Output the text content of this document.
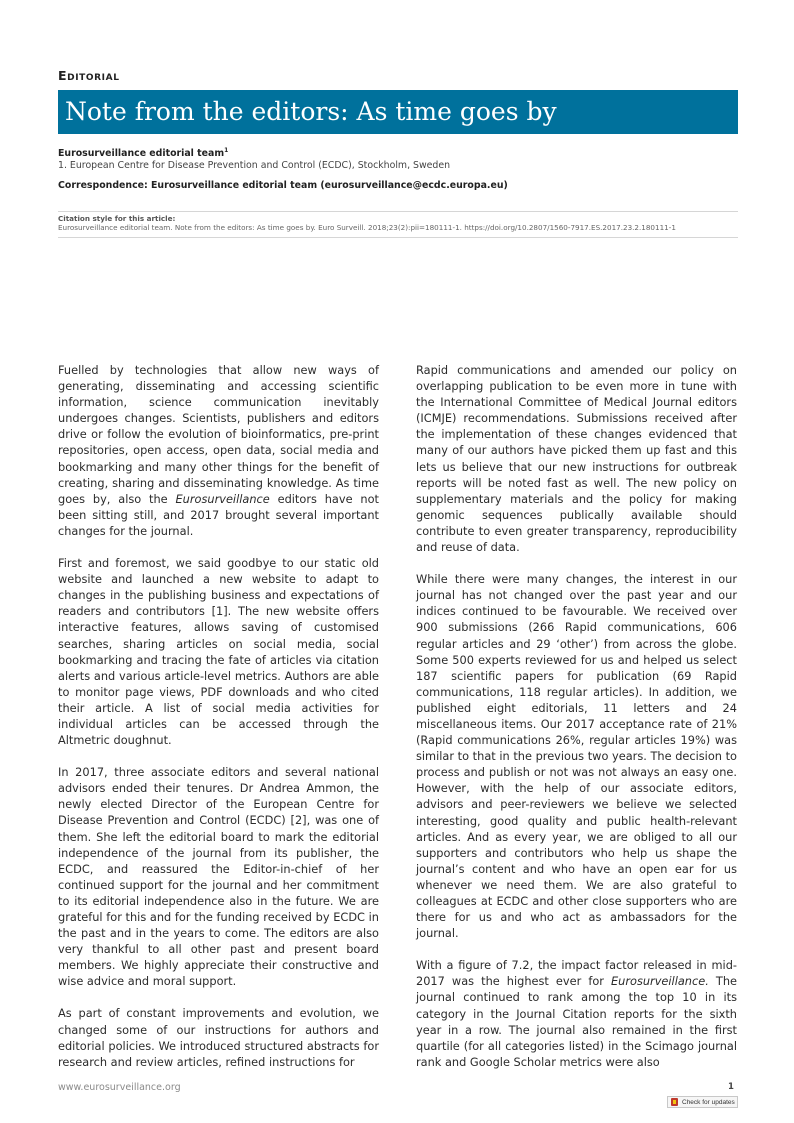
Editorial
Note from the editors: As time goes by
Eurosurveillance editorial team$^1$
1. European Centre for Disease Prevention and Control (ECDC), Stockholm, Sweden
Correspondence: Eurosurveillance editorial team (eurosurveillance@ecdc.europa.eu)
Citation style for this article:
Eurosurveillance editorial team. Note from the editors: As time goes by. Euro Surveill. 2018;23(2):pii=180111-1. https://doi.org/10.2807/1560-7917.ES.2017.23.2.180111-1

Fuelled by technologies that allow new ways of generating, disseminating and accessing scientific information, science communication inevitably undergoes changes. Scientists, publishers and editors drive or follow the evolution of bioinformatics, pre-print repositories, open access, open data, social media and bookmarking and many other things for the benefit of creating, sharing and disseminating knowledge. As time goes by, also the Eurosurveillance editors have not been sitting still, and 2017 brought several important changes for the journal.

First and foremost, we said goodbye to our static old website and launched a new website to adapt to changes in the publishing business and expectations of readers and contributors [1]. The new website offers interactive features, allows saving of customised searches, sharing articles on social media, social bookmarking and tracing the fate of articles via citation alerts and various article-level metrics. Authors are able to monitor page views, PDF downloads and who cited their article. A list of social media activities for individual articles can be accessed through the Altmetric doughnut.

In 2017, three associate editors and several national advisors ended their tenures. Dr Andrea Ammon, the newly elected Director of the European Centre for Disease Prevention and Control (ECDC) [2], was one of them. She left the editorial board to mark the editorial independence of the journal from its publisher, the ECDC, and reassured the Editor-in-chief of her continued support for the journal and her commitment to its editorial independence also in the future. We are grateful for this and for the funding received by ECDC in the past and in the years to come. The editors are also very thankful to all other past and present board members. We highly appreciate their constructive and wise advice and moral support.

As part of constant improvements and evolution, we changed some of our instructions for authors and editorial policies. We introduced structured abstracts for research and review articles, refined instructions for

Rapid communications and amended our policy on overlapping publication to be even more in tune with the International Committee of Medical Journal editors (ICMJE) recommendations. Submissions received after the implementation of these changes evidenced that many of our authors have picked them up fast and this lets us believe that our new instructions for outbreak reports will be noted fast as well. The new policy on supplementary materials and the policy for making genomic sequences publically available should contribute to even greater transparency, reproducibility and reuse of data.

While there were many changes, the interest in our journal has not changed over the past year and our indices continued to be favourable. We received over 900 submissions (266 Rapid communications, 606 regular articles and 29 ‘other’) from across the globe. Some 500 experts reviewed for us and helped us select 187 scientific papers for publication (69 Rapid communications, 118 regular articles). In addition, we published eight editorials, 11 letters and 24 miscellaneous items. Our 2017 acceptance rate of 21% (Rapid communications 26%, regular articles 19%) was similar to that in the previous two years. The decision to process and publish or not was not always an easy one. However, with the help of our associate editors, advisors and peer-reviewers we believe we selected interesting, good quality and public health-relevant articles. And as every year, we are obliged to all our supporters and contributors who help us shape the journal’s content and who have an open ear for us whenever we need them. We are also grateful to colleagues at ECDC and other close supporters who are there for us and who act as ambassadors for the journal.

With a figure of 7.2, the impact factor released in mid-2017 was the highest ever for Eurosurveillance. The journal continued to rank among the top 10 in its category in the Journal Citation reports for the sixth year in a row. The journal also remained in the first quartile (for all categories listed) in the Scimago journal rank and Google Scholar metrics were also

www.eurosurveillance.org	1
Check for updates
